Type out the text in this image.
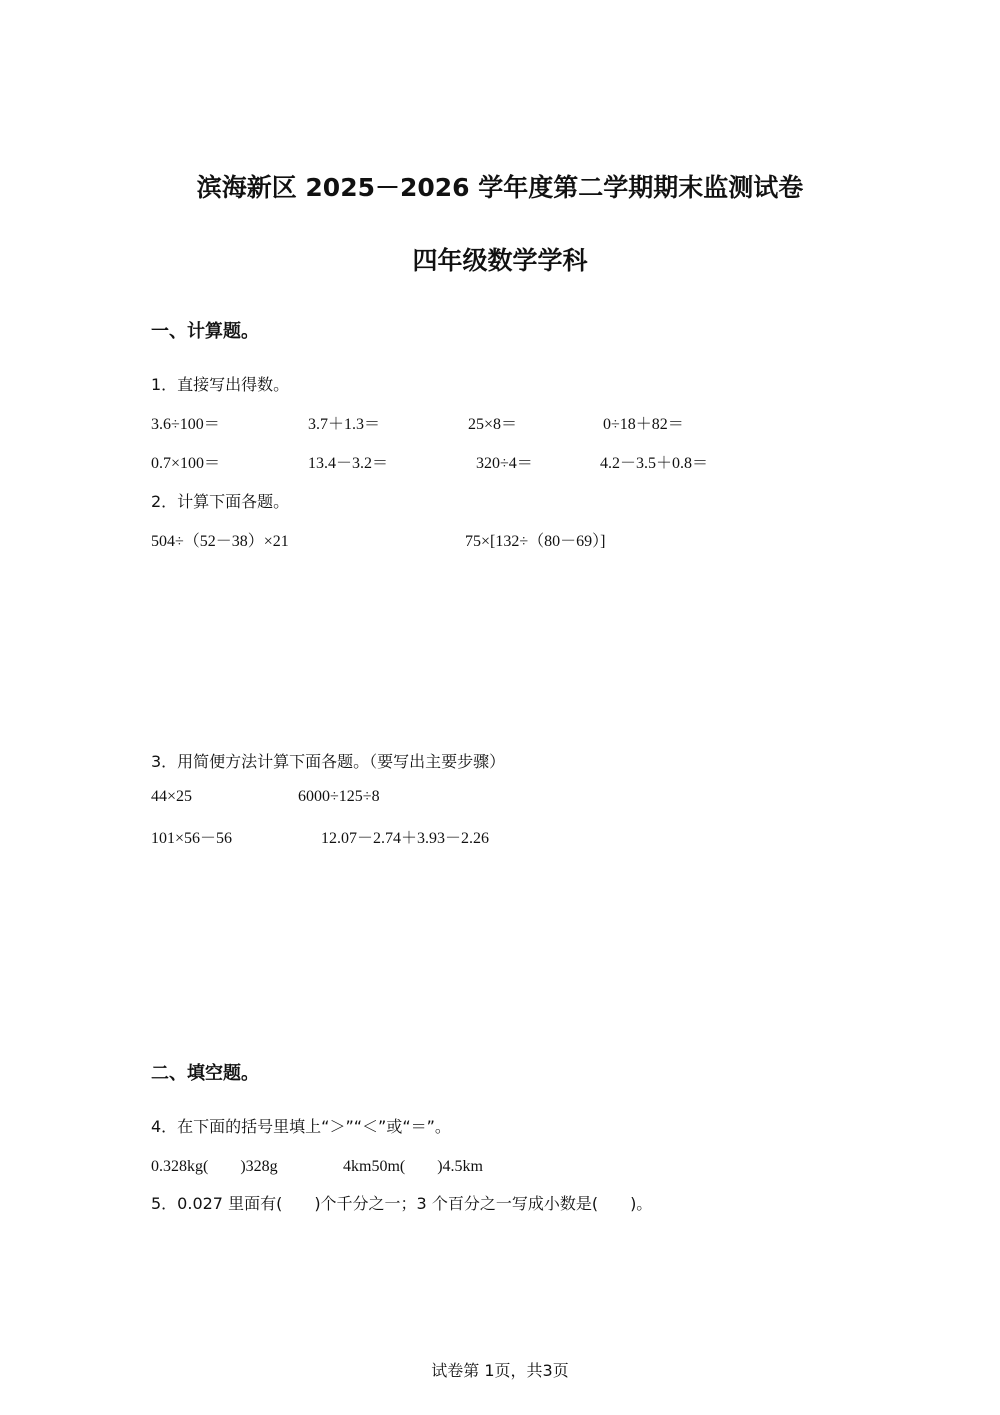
滨海新区 2025－2026 学年度第二学期期末监测试卷
四年级数学学科
一、计算题。
1．直接写出得数。
3.6÷100＝	3.7＋1.3＝	25×8＝	0÷18＋82＝
0.7×100＝	13.4－3.2＝	320÷4＝	4.2－3.5＋0.8＝
2．计算下面各题。
504÷（52－38）×21	75×[132÷（80－69）]
3．用简便方法计算下面各题。（要写出主要步骤）
44×25	6000÷125÷8
101×56－56	12.07－2.74＋3.93－2.26
二、填空题。
4．在下面的括号里填上“＞”“＜”或“＝”。
0.328kg(　　)328g	4km50m(　　)4.5km
5．0.027 里面有(　　)个千分之一；3 个百分之一写成小数是(　　)。
试卷第 1页，共3页
